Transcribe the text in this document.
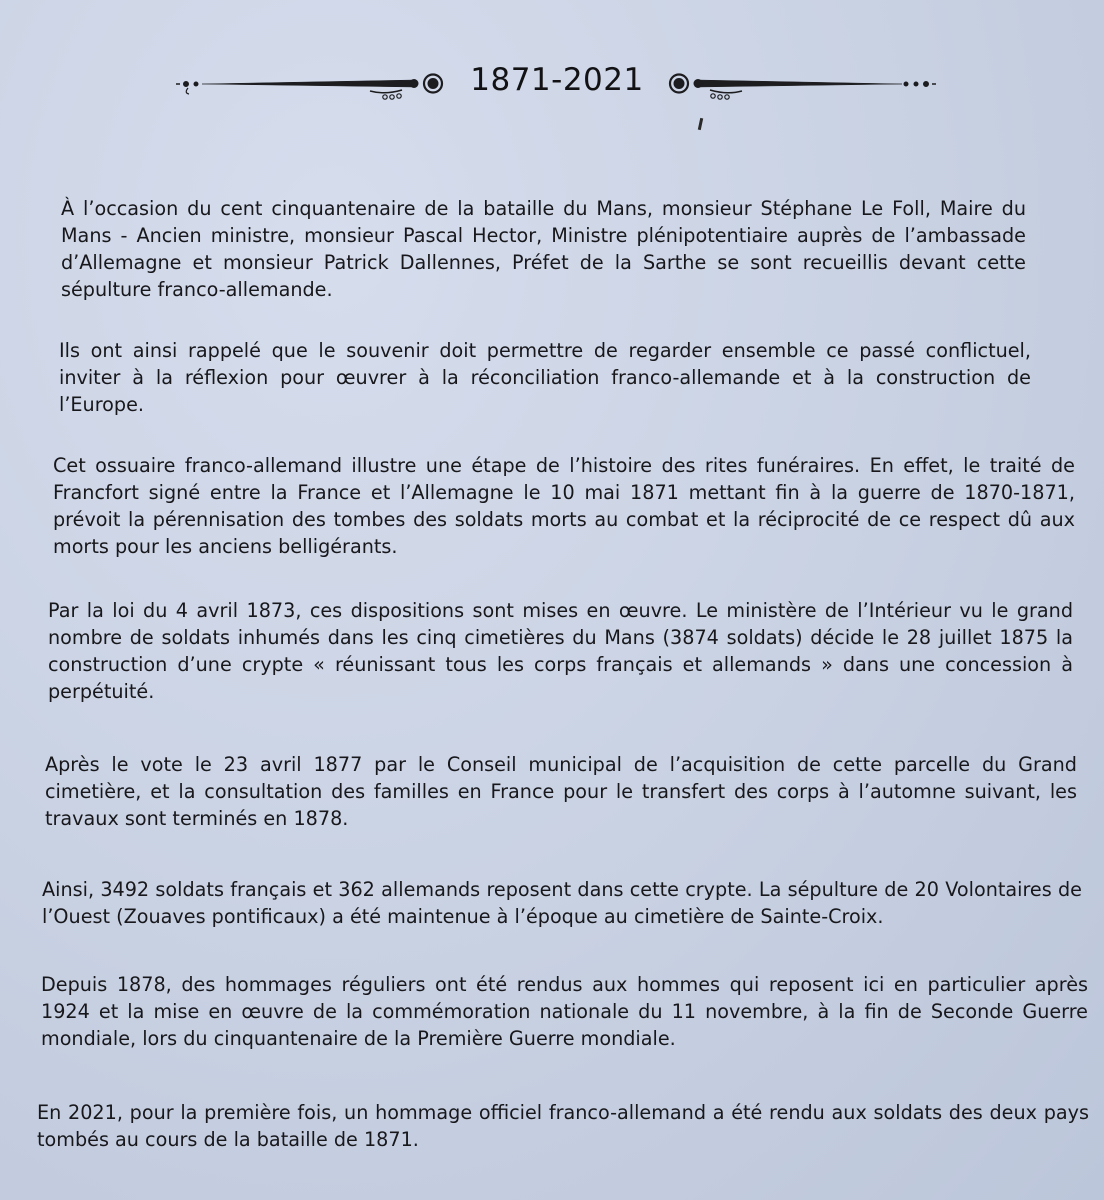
1871-2021

À l’occasion du cent cinquantenaire de la bataille du Mans, monsieur Stéphane Le Foll, Maire du Mans - Ancien ministre, monsieur Pascal Hector, Ministre plénipotentiaire auprès de l’ambassade d’Allemagne et monsieur Patrick Dallennes, Préfet de la Sarthe se sont recueillis devant cette sépulture franco-allemande.

Ils ont ainsi rappelé que le souvenir doit permettre de regarder ensemble ce passé conflictuel, inviter à la réflexion pour œuvrer à la réconciliation franco-allemande et à la construction de l’Europe.

Cet ossuaire franco-allemand illustre une étape de l’histoire des rites funéraires. En effet, le traité de Francfort signé entre la France et l’Allemagne le 10 mai 1871 mettant fin à la guerre de 1870-1871, prévoit la pérennisation des tombes des soldats morts au combat et la réciprocité de ce respect dû aux morts pour les anciens belligérants.

Par la loi du 4 avril 1873, ces dispositions sont mises en œuvre. Le ministère de l’Intérieur vu le grand nombre de soldats inhumés dans les cinq cimetières du Mans (3874 soldats) décide le 28 juillet 1875 la construction d’une crypte « réunissant tous les corps français et allemands » dans une concession à perpétuité.

Après le vote le 23 avril 1877 par le Conseil municipal de l’acquisition de cette parcelle du Grand cimetière, et la consultation des familles en France pour le transfert des corps à l’automne suivant, les travaux sont terminés en 1878.

Ainsi, 3492 soldats français et 362 allemands reposent dans cette crypte. La sépulture de 20 Volontaires de l’Ouest (Zouaves pontificaux) a été maintenue à l’époque au cimetière de Sainte-Croix.

Depuis 1878, des hommages réguliers ont été rendus aux hommes qui reposent ici en particulier après 1924 et la mise en œuvre de la commémoration nationale du 11 novembre, à la fin de Seconde Guerre mondiale, lors du cinquantenaire de la Première Guerre mondiale.

En 2021, pour la première fois, un hommage officiel franco-allemand a été rendu aux soldats des deux pays tombés au cours de la bataille de 1871.
